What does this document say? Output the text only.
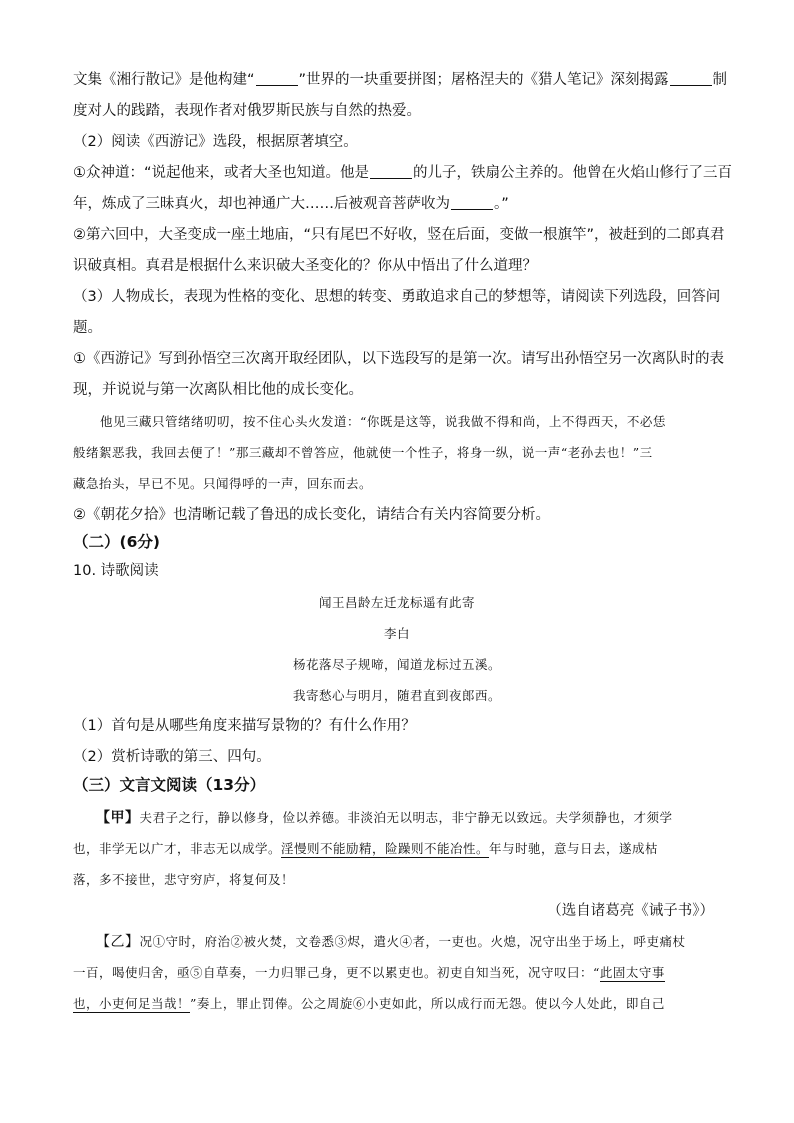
文集《湘行散记》是他构建“	”世界的一块重要拼图；屠格涅夫的《猎人笔记》深刻揭露	制
度对人的践踏，表现作者对俄罗斯民族与自然的热爱。
（2）阅读《西游记》选段，根据原著填空。
①众神道：“说起他来，或者大圣也知道。他是	的儿子，铁扇公主养的。他曾在火焰山修行了三百
年，炼成了三昧真火，却也神通广大……后被观音菩萨收为	。”
②第六回中，大圣变成一座土地庙，“只有尾巴不好收，竖在后面，变做一根旗竿”，被赶到的二郎真君
识破真相。真君是根据什么来识破大圣变化的？你从中悟出了什么道理？
（3）人物成长，表现为性格的变化、思想的转变、勇敢追求自己的梦想等，请阅读下列选段，回答问
题。
①《西游记》写到孙悟空三次离开取经团队，以下选段写的是第一次。请写出孙悟空另一次离队时的表
现，并说说与第一次离队相比他的成长变化。
他见三藏只管绪绪叨叨，按不住心头火发道：“你既是这等，说我做不得和尚，上不得西天，不必恁
般绪絮恶我，我回去便了！”那三藏却不曾答应，他就使一个性子，将身一纵，说一声“老孙去也！”三
藏急抬头，早已不见。只闻得呼的一声，回东而去。
②《朝花夕拾》也清晰记载了鲁迅的成长变化，请结合有关内容简要分析。
（二）(6分)
10. 诗歌阅读
闻王昌龄左迁龙标遥有此寄
李白
杨花落尽子规啼，闻道龙标过五溪。
我寄愁心与明月，随君直到夜郎西。
（1）首句是从哪些角度来描写景物的？有什么作用？
（2）赏析诗歌的第三、四句。
（三）文言文阅读（13分）
【甲】夫君子之行，静以修身，俭以养德。非淡泊无以明志，非宁静无以致远。夫学须静也，才须学
也，非学无以广才，非志无以成学。淫慢则不能励精，险躁则不能冶性。年与时驰，意与日去，遂成枯
落，多不接世，悲守穷庐，将复何及！
（选自诸葛亮《诫子书》）
【乙】况①守时，府治②被火焚，文卷悉③烬，遣火④者，一吏也。火熄，况守出坐于场上，呼吏痛杖
一百，喝使归舍，亟⑤自草奏，一力归罪己身，更不以累吏也。初吏自知当死，况守叹曰：“此固太守事
也，小吏何足当哉！”奏上，罪止罚俸。公之周旋⑥小吏如此，所以成行而无怨。使以今人处此，即自己
